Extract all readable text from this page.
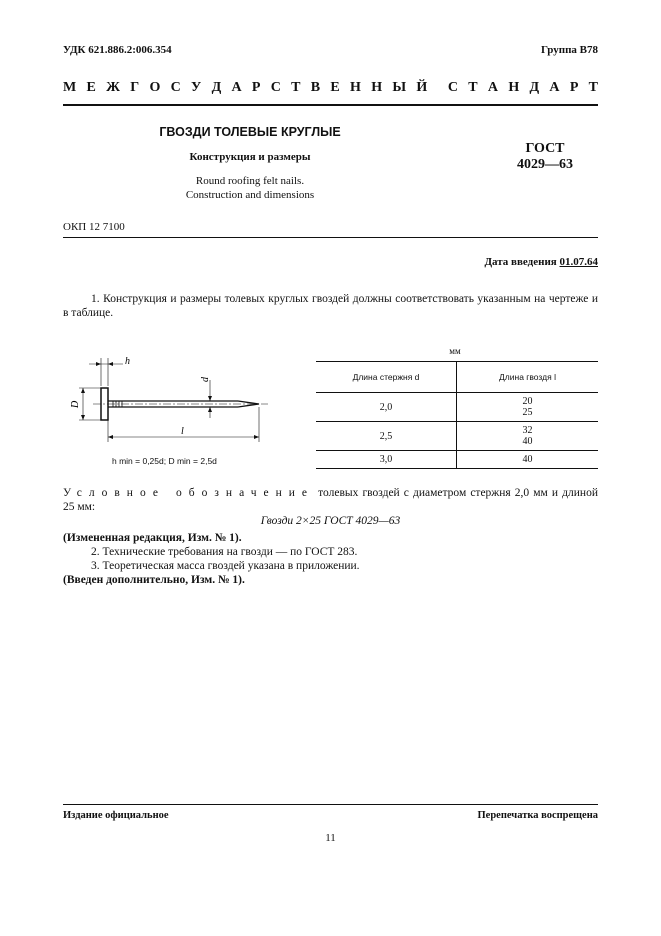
УДК 621.886.2:006.354	Группа В78
М Е Ж Г О С У Д А Р С Т В Е Н Н Ы Й С Т А Н Д А Р Т
ГВОЗДИ ТОЛЕВЫЕ КРУГЛЫЕ
Конструкция и размеры
Round roofing felt nails.
Construction and dimensions
ГОСТ
4029—63
ОКП 12 7100
Дата введения 01.07.64
1. Конструкция и размеры толевых круглых гвоздей должны соответствовать указанным на чертеже и в таблице.
h
D
d
l
h min = 0,25d; D min = 2,5d
мм
Длина стержня d	Длина гвоздя l
2,0	20
25

2,5	32
40

3,0	40
Условное обозначение толевых гвоздей с диаметром стержня 2,0 мм и длиной 25 мм:
Гвозди 2×25 ГОСТ 4029—63
(Измененная редакция, Изм. № 1).
2. Технические требования на гвозди — по ГОСТ 283.
3. Теоретическая масса гвоздей указана в приложении.
(Введен дополнительно, Изм. № 1).
Издание официальное	Перепечатка воспрещена
11
